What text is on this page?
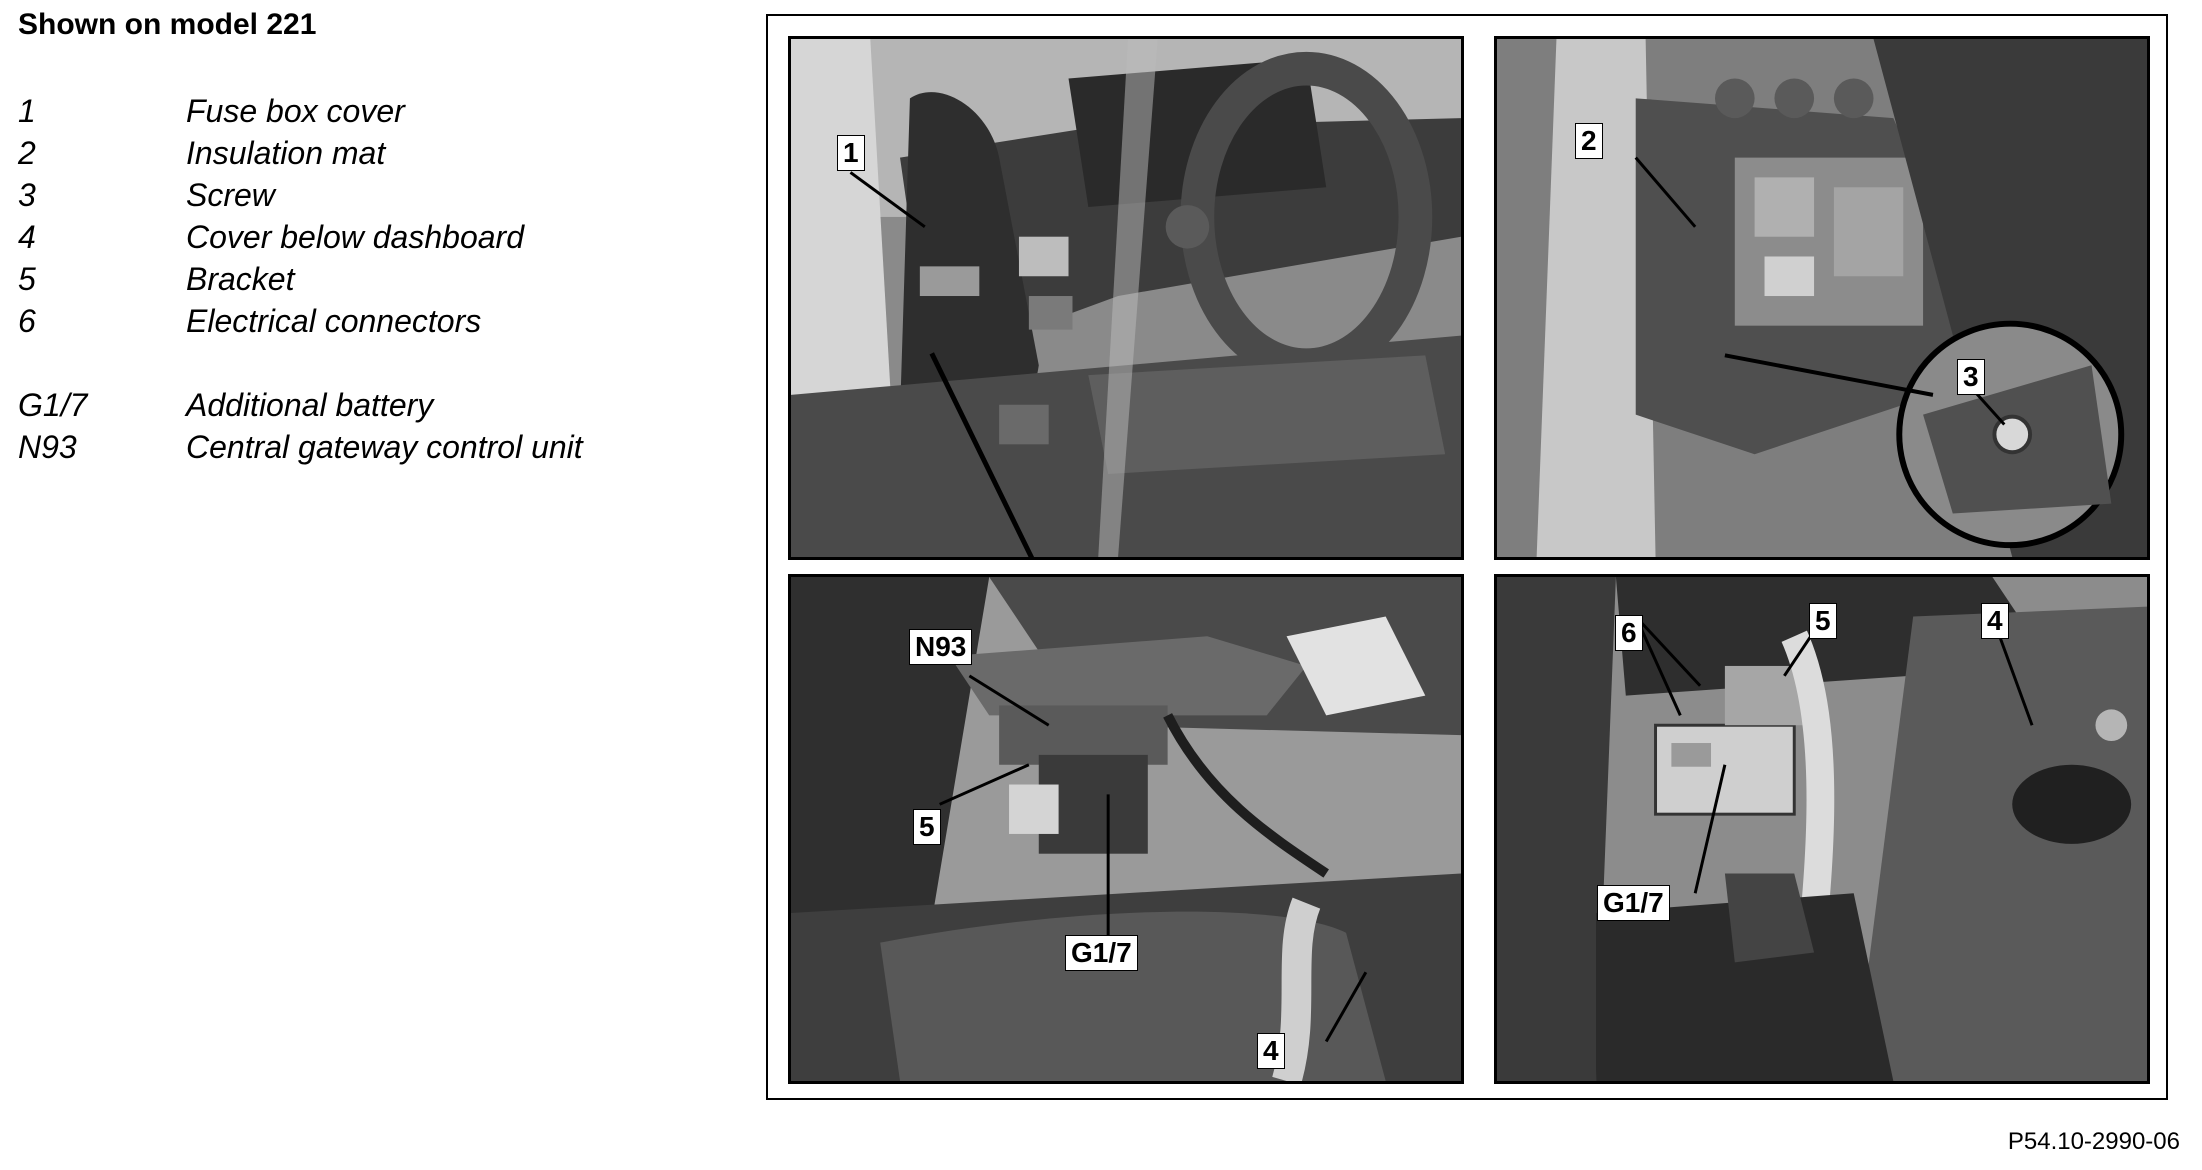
Shown on model 221
1	Fuse box cover
2	Insulation mat
3	Screw
4	Cover below dashboard
5	Bracket
6	Electrical connectors
G1/7	Additional battery
N93	Central gateway control unit
1	2
3
N93
5
G1/7
4
6	5	4
G1/7
P54.10-2990-06
